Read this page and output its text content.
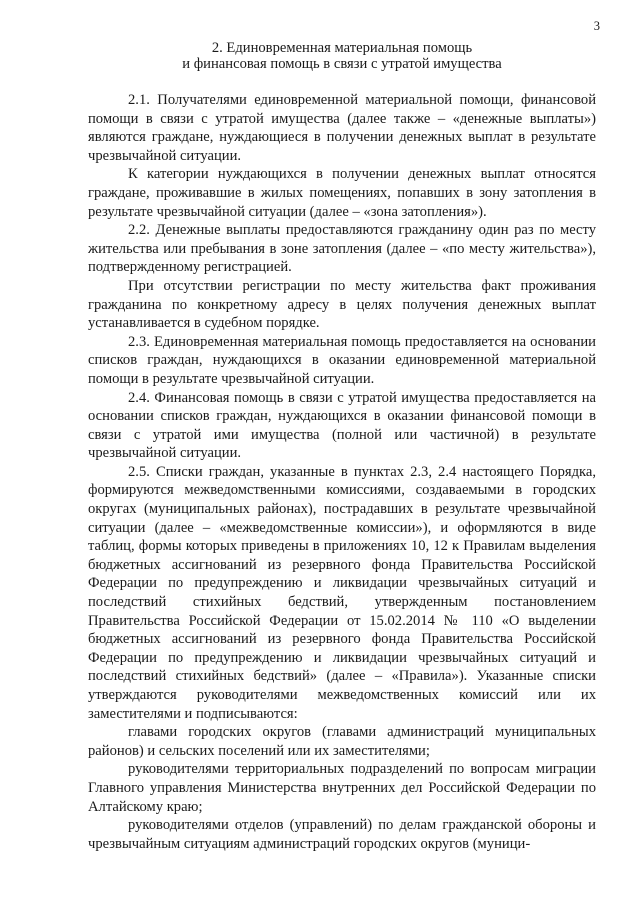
3
2. Единовременная материальная помощь
и финансовая помощь в связи с утратой имущества

2.1. Получателями единовременной материальной помощи, финансовой помощи в связи с утратой имущества (далее также – «денежные выплаты») являются граждане, нуждающиеся в получении денежных выплат в результате чрезвычайной ситуации.

К категории нуждающихся в получении денежных выплат относятся граждане, проживавшие в жилых помещениях, попавших в зону затопления в результате чрезвычайной ситуации (далее – «зона затопления»).

2.2. Денежные выплаты предоставляются гражданину один раз по месту жительства или пребывания в зоне затопления (далее – «по месту жительства»), подтвержденному регистрацией.

При отсутствии регистрации по месту жительства факт проживания гражданина по конкретному адресу в целях получения денежных выплат устанавливается в судебном порядке.

2.3. Единовременная материальная помощь предоставляется на основании списков граждан, нуждающихся в оказании единовременной материальной помощи в результате чрезвычайной ситуации.

2.4. Финансовая помощь в связи с утратой имущества предоставляется на основании списков граждан, нуждающихся в оказании финансовой помощи в связи с утратой ими имущества (полной или частичной) в результате чрезвычайной ситуации.

2.5. Списки граждан, указанные в пунктах 2.3, 2.4 настоящего Порядка, формируются межведомственными комиссиями, создаваемыми в городских округах (муниципальных районах), пострадавших в результате чрезвычайной ситуации (далее – «межведомственные комиссии»), и оформляются в виде таблиц, формы которых приведены в приложениях 10, 12 к Правилам выделения бюджетных ассигнований из резервного фонда Правительства Российской Федерации по предупреждению и ликвидации чрезвычайных ситуаций и последствий стихийных бедствий, утвержденным постановлением Правительства Российской Федерации от 15.02.2014 № 110 «О выделении бюджетных ассигнований из резервного фонда Правительства Российской Федерации по предупреждению и ликвидации чрезвычайных ситуаций и последствий стихийных бедствий» (далее – «Правила»). Указанные списки утверждаются руководителями межведомственных комиссий или их заместителями и подписываются:

главами городских округов (главами администраций муниципальных районов) и сельских поселений или их заместителями;

руководителями территориальных подразделений по вопросам миграции Главного управления Министерства внутренних дел Российской Федерации по Алтайскому краю;

руководителями отделов (управлений) по делам гражданской обороны и чрезвычайным ситуациям администраций городских округов (муници-
